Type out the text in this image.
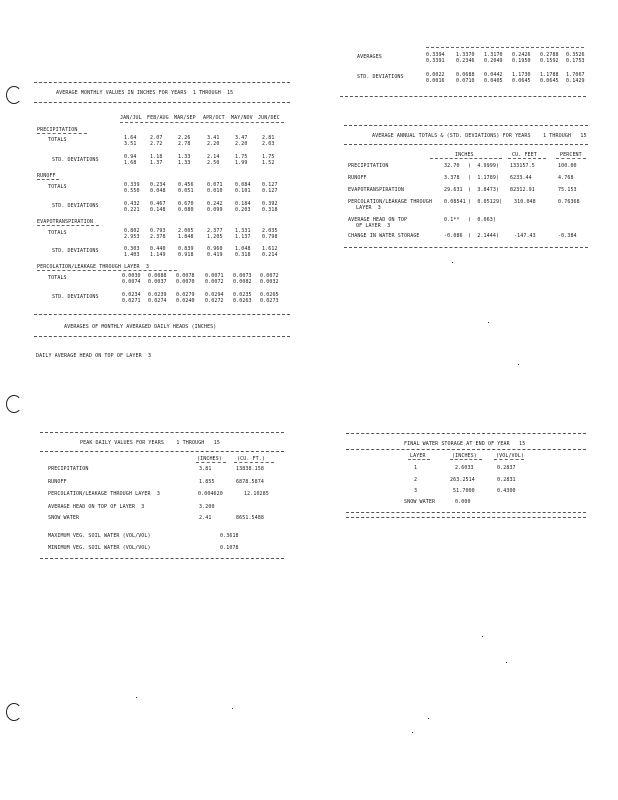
AVERAGES	0.3394 1.3370 1.3170 0.2426 0.2788 0.3526
0.3391 0.2346 0.2049 0.1950 0.1592 0.1753
STD. DEVIATIONS	0.0022 0.0688 0.0442 1.1730 1.1788 1.7067
0.0016 0.0710 0.0405 0.0645 0.0645 0.1429
AVERAGE MONTHLY VALUES IN INCHES FOR YEARS  1 THROUGH  15
JAN/JUL FEB/AUG MAR/SEP APR/OCT MAY/NOV JUN/DEC
PRECIPITATION
TOTALS	1.64	2.07	2.26	3.41	3.47	2.81
3.51	2.72	2.78	2.20	2.20	2.03
STD. DEVIATIONS	0.94	1.18	1.33	2.14	1.75	1.75
1.68	1.37	1.33	2.50	1.99	1.52
RUNOFF
TOTALS	0.339 0.234 0.456	0.071 0.084 0.127
0.550 0.048 0.051	0.010 0.101 0.127
STD. DEVIATIONS	0.432 0.467 0.670	0.242 0.184 0.392
0.221 0.148 0.080	0.099 0.203 0.318
EVAPOTRANSPIRATION
TOTALS	0.802 0.793 2.005	2.377 1.331 2.035
2.953 2.378 1.848	1.205 1.137 0.798
STD. DEVIATIONS	0.303 0.440 0.839	0.960 1.048 1.612
1.403 1.149 0.918	0.419 0.318 0.214
PERCOLATION/LEAKAGE THROUGH LAYER  3
TOTALS	0.0030 0.0088 0.0078 0.0071 0.0073 0.0072
0.0074 0.0037 0.0070 0.0072 0.0082 0.0032
STD. DEVIATIONS	0.0234 0.0239 0.0279 0.0294 0.0235 0.0265
0.0271 0.0274 0.0240 0.0272 0.0263 0.0273
AVERAGES OF MONTHLY AVERAGED DAILY HEADS (INCHES)
DAILY AVERAGE HEAD ON TOP OF LAYER  3
AVERAGE ANNUAL TOTALS & (STD. DEVIATIONS) FOR YEARS    1 THROUGH   15
INCHES	CU. FEET	PERCENT
PRECIPITATION	32.70 (  4.9999) 133157.5	100.00
RUNOFF	3.378 (  1.1789) 6233.44	4.768
EVAPOTRANSPIRATION	29.631 (  3.8473) 82312.91	75.153
PERCOLATION/LEAKAGE THROUGH
LAYER  3
0.08541 (  0.05129) 310.048	0.76368
AVERAGE HEAD ON TOP
OF LAYER  3
0.1** (  0.063)
CHANGE IN WATER STORAGE	-0.086 (  2.1444)	-147.43	-0.384
PEAK DAILY VALUES FOR YEARS    1 THROUGH   15
(INCHES)	(CU. FT.)
PRECIPITATION	3.81	13838.158
RUNOFF	1.855	6878.5874
PERCOLATION/LEAKAGE THROUGH LAYER  3	0.004620	12.10285
AVERAGE HEAD ON TOP OF LAYER  3	3.200
SNOW WATER	2.41	8651.5488
MAXIMUM VEG. SOIL WATER (VOL/VOL)	0.3618
MINIMUM VEG. SOIL WATER (VOL/VOL)	0.1078
FINAL WATER STORAGE AT END OF YEAR   15
LAYER	(INCHES)	(VOL/VOL)
1	2.6033	0.2837
2	263.2514	0.2831
3	51.7000	0.4300
SNOW WATER	0.000
